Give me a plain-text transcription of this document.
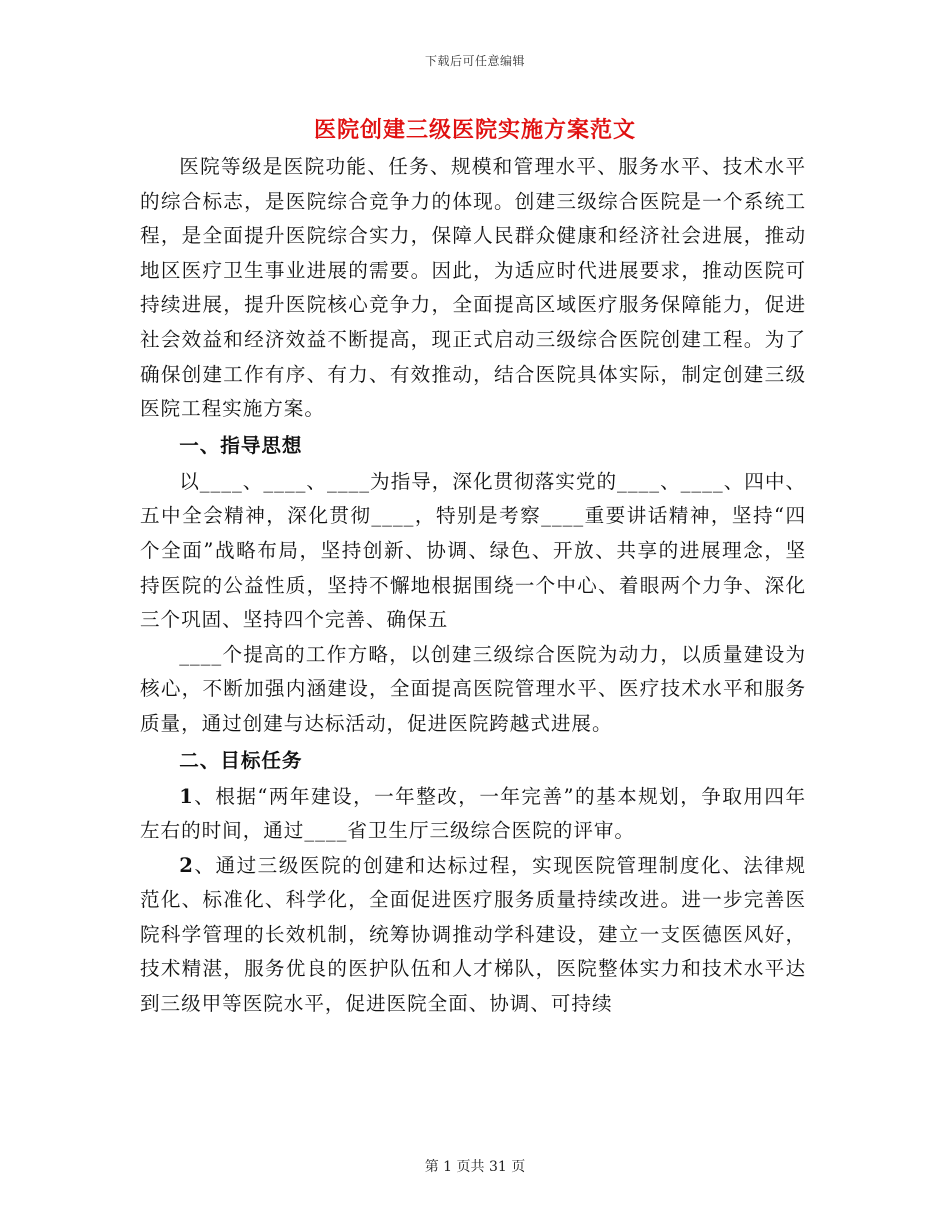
下载后可任意编辑
医院创建三级医院实施方案范文

医院等级是医院功能、任务、规模和管理水平、服务水平、技术水平的综合标志，是医院综合竞争力的体现。创建三级综合医院是一个系统工程，是全面提升医院综合实力，保障人民群众健康和经济社会进展，推动地区医疗卫生事业进展的需要。因此，为适应时代进展要求，推动医院可持续进展，提升医院核心竞争力，全面提高区域医疗服务保障能力，促进社会效益和经济效益不断提高，现正式启动三级综合医院创建工程。为了确保创建工作有序、有力、有效推动，结合医院具体实际，制定创建三级医院工程实施方案。

一、指导思想

以____、____、____为指导，深化贯彻落实党的____、____、四中、五中全会精神，深化贯彻____，特别是考察____重要讲话精神，坚持“四个全面”战略布局，坚持创新、协调、绿色、开放、共享的进展理念，坚持医院的公益性质，坚持不懈地根据围绕一个中心、着眼两个力争、深化三个巩固、坚持四个完善、确保五

____个提高的工作方略，以创建三级综合医院为动力，以质量建设为核心，不断加强内涵建设，全面提高医院管理水平、医疗技术水平和服务质量，通过创建与达标活动，促进医院跨越式进展。

二、目标任务

1、根据“两年建设，一年整改，一年完善”的基本规划，争取用四年左右的时间，通过____省卫生厅三级综合医院的评审。

2、通过三级医院的创建和达标过程，实现医院管理制度化、法律规范化、标准化、科学化，全面促进医疗服务质量持续改进。进一步完善医院科学管理的长效机制，统筹协调推动学科建设，建立一支医德医风好，技术精湛，服务优良的医护队伍和人才梯队，医院整体实力和技术水平达到三级甲等医院水平，促进医院全面、协调、可持续

第 1 页共 31 页
